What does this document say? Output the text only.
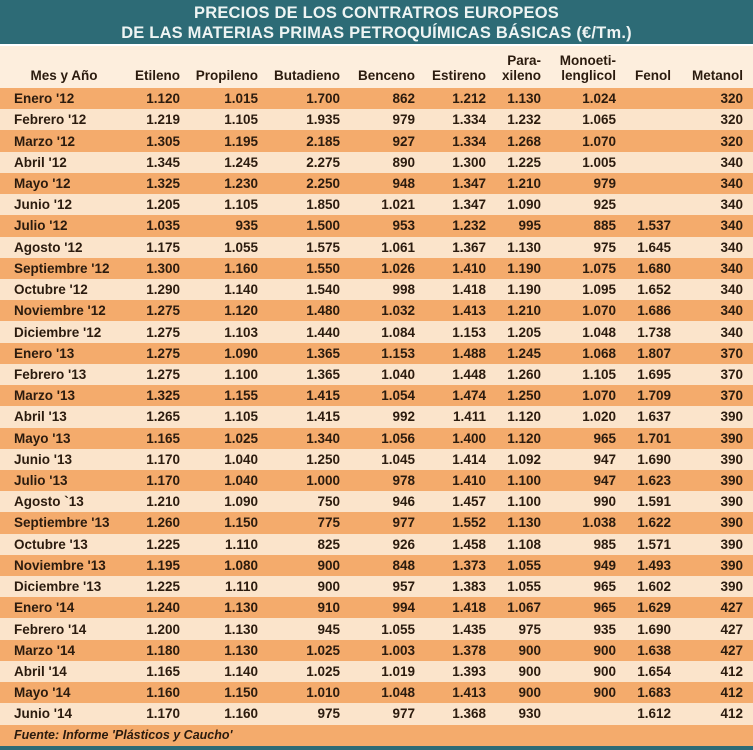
PRECIOS DE LOS CONTRATROS EUROPEOS
DE LAS MATERIAS PRIMAS PETROQUÍMICAS BÁSICAS (€/Tm.)
Mes y Año	Etileno	Propileno	Butadieno	Benceno	Estireno	Para-
xileno	Monoeti-
lenglicol	Fenol	Metanol
Enero '12	1.120	1.015	1.700	862	1.212	1.130	1.024		320
Febrero '12	1.219	1.105	1.935	979	1.334	1.232	1.065		320
Marzo '12	1.305	1.195	2.185	927	1.334	1.268	1.070		320
Abril '12	1.345	1.245	2.275	890	1.300	1.225	1.005		340
Mayo '12	1.325	1.230	2.250	948	1.347	1.210	979		340
Junio '12	1.205	1.105	1.850	1.021	1.347	1.090	925		340
Julio '12	1.035	935	1.500	953	1.232	995	885	1.537	340
Agosto '12	1.175	1.055	1.575	1.061	1.367	1.130	975	1.645	340
Septiembre '12	1.300	1.160	1.550	1.026	1.410	1.190	1.075	1.680	340
Octubre '12	1.290	1.140	1.540	998	1.418	1.190	1.095	1.652	340
Noviembre '12	1.275	1.120	1.480	1.032	1.413	1.210	1.070	1.686	340
Diciembre '12	1.275	1.103	1.440	1.084	1.153	1.205	1.048	1.738	340
Enero '13	1.275	1.090	1.365	1.153	1.488	1.245	1.068	1.807	370
Febrero '13	1.275	1.100	1.365	1.040	1.448	1.260	1.105	1.695	370
Marzo '13	1.325	1.155	1.415	1.054	1.474	1.250	1.070	1.709	370
Abril '13	1.265	1.105	1.415	992	1.411	1.120	1.020	1.637	390
Mayo '13	1.165	1.025	1.340	1.056	1.400	1.120	965	1.701	390
Junio '13	1.170	1.040	1.250	1.045	1.414	1.092	947	1.690	390
Julio '13	1.170	1.040	1.000	978	1.410	1.100	947	1.623	390
Agosto `13	1.210	1.090	750	946	1.457	1.100	990	1.591	390
Septiembre '13	1.260	1.150	775	977	1.552	1.130	1.038	1.622	390
Octubre '13	1.225	1.110	825	926	1.458	1.108	985	1.571	390
Noviembre '13	1.195	1.080	900	848	1.373	1.055	949	1.493	390
Diciembre '13	1.225	1.110	900	957	1.383	1.055	965	1.602	390
Enero '14	1.240	1.130	910	994	1.418	1.067	965	1.629	427
Febrero '14	1.200	1.130	945	1.055	1.435	975	935	1.690	427
Marzo '14	1.180	1.130	1.025	1.003	1.378	900	900	1.638	427
Abril '14	1.165	1.140	1.025	1.019	1.393	900	900	1.654	412
Mayo '14	1.160	1.150	1.010	1.048	1.413	900	900	1.683	412
Junio '14	1.170	1.160	975	977	1.368	930		1.612	412
Fuente: Informe 'Plásticos y Caucho'									
